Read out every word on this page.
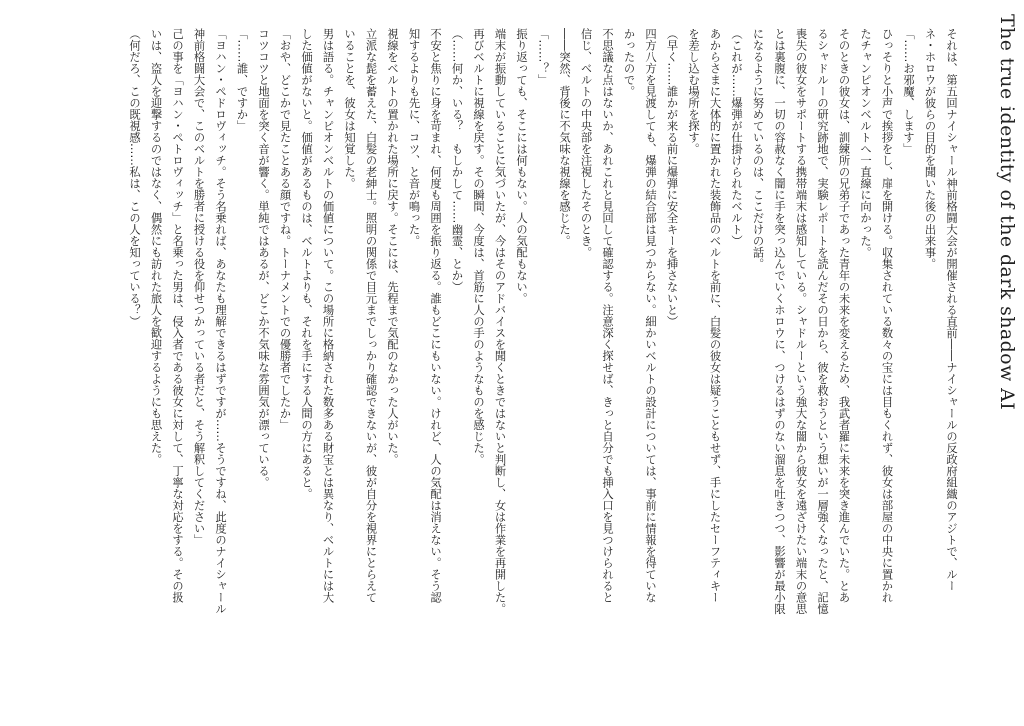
The true identity of the dark shadow AI

それは、第五回ナイシャール神前格闘大会が開催される直前――ナイシャールの反政府組織のアジトで、ルー

ネ・ホロウが彼らの目的を聞いた後の出来事。

「……お邪魔、します」

ひっそりと小声で挨拶をし、扉を開ける。収集されている数々の宝には目もくれず、彼女は部屋の中央に置かれ

たチャンピオンベルトへ一直線に向かった。

そのときの彼女は、訓練所の兄弟子であった青年の未来を変えるため、我武者羅に未来を突き進んでいた。とあ

るシャドルーの研究跡地で、実験レポートを読んだその日から、彼を救おうという想いが一層強くなったと、記憶

喪失の彼女をサポートする携帯端末は感知している。シャドルーという強大な闇から彼女を遠ざけたい端末の意思

とは裏腹に、一切の容赦なく闇に手を突っ込んでいくホロウに、つけるはずのない溜息を吐きつつ、影響が最小限

になるように努めているのは、ここだけの話。

（これが……爆弾が仕掛けられたベルト）

あからさまに大体的に置かれた装飾品のベルトを前に、白髪の彼女は疑うこともせず、手にしたセーフティキー

を差し込む場所を探す。

（早く……誰かが来る前に爆弾に安全キーを挿さないと）

四方八方を見渡しても、爆弾の結合部は見つからない。細かいベルトの設計については、事前に情報を得ていな

かったので。

不思議な点はないか、あれこれと見回して確認する。注意深く探せば、きっと自分でも挿入口を見つけられると

信じ、ベルトの中央部を注視したそのとき。

――突然、背後に不気味な視線を感じた。

「……？」

振り返っても、そこには何もない。人の気配もない。

端末が振動していることに気づいたが、今はそのアドバイスを聞くときではないと判断し、女は作業を再開した。

再びベルトに視線を戻す。その瞬間、今度は、首筋に人の手のようなものを感じた。

（……何か、いる？　もしかして……幽霊、とか）

不安と焦りに身を苛まれ、何度も周囲を振り返る。誰もどこにもいない。けれど、人の気配は消えない。そう認

知するよりも先に、コツ、と音が鳴った。

視線をベルトの置かれた場所に戻す。そこには、先程まで気配のなかった人がいた。

立派な髭を蓄えた、白髪の老紳士。照明の関係で目元までしっかり確認できないが、彼が自分を視界にとらえて

いることを、彼女は知覚した。

男は語る。チャンピオンベルトの価値について。この場所に格納された数多ある財宝とは異なり、ベルトには大

した価値がないと。価値があるものは、ベルトよりも、それを手にする人間の方にあると。

「おや、どこかで見たことある顔ですね。トーナメントでの優勝者でしたか」

コツコツと地面を突く音が響く。単純ではあるが、どこか不気味な雰囲気が漂っている。

「……誰、ですか」

「ヨハン・ペドロヴィッチ。そう名乗れば、あなたも理解できるはずですが……そうですね、此度のナイシャール

神前格闘大会で、このベルトを勝者に授ける役を仰せつかっている者だと、そう解釈してください」

己の事を「ヨハン・ペトロヴィッチ」と名乗った男は、侵入者である彼女に対して、丁寧な対応をする。その扱

いは、盗人を迎撃するのではなく、偶然にも訪れた旅人を歓迎するようにも思えた。

（何だろ、この既視感……私は、この人を知っている？）
